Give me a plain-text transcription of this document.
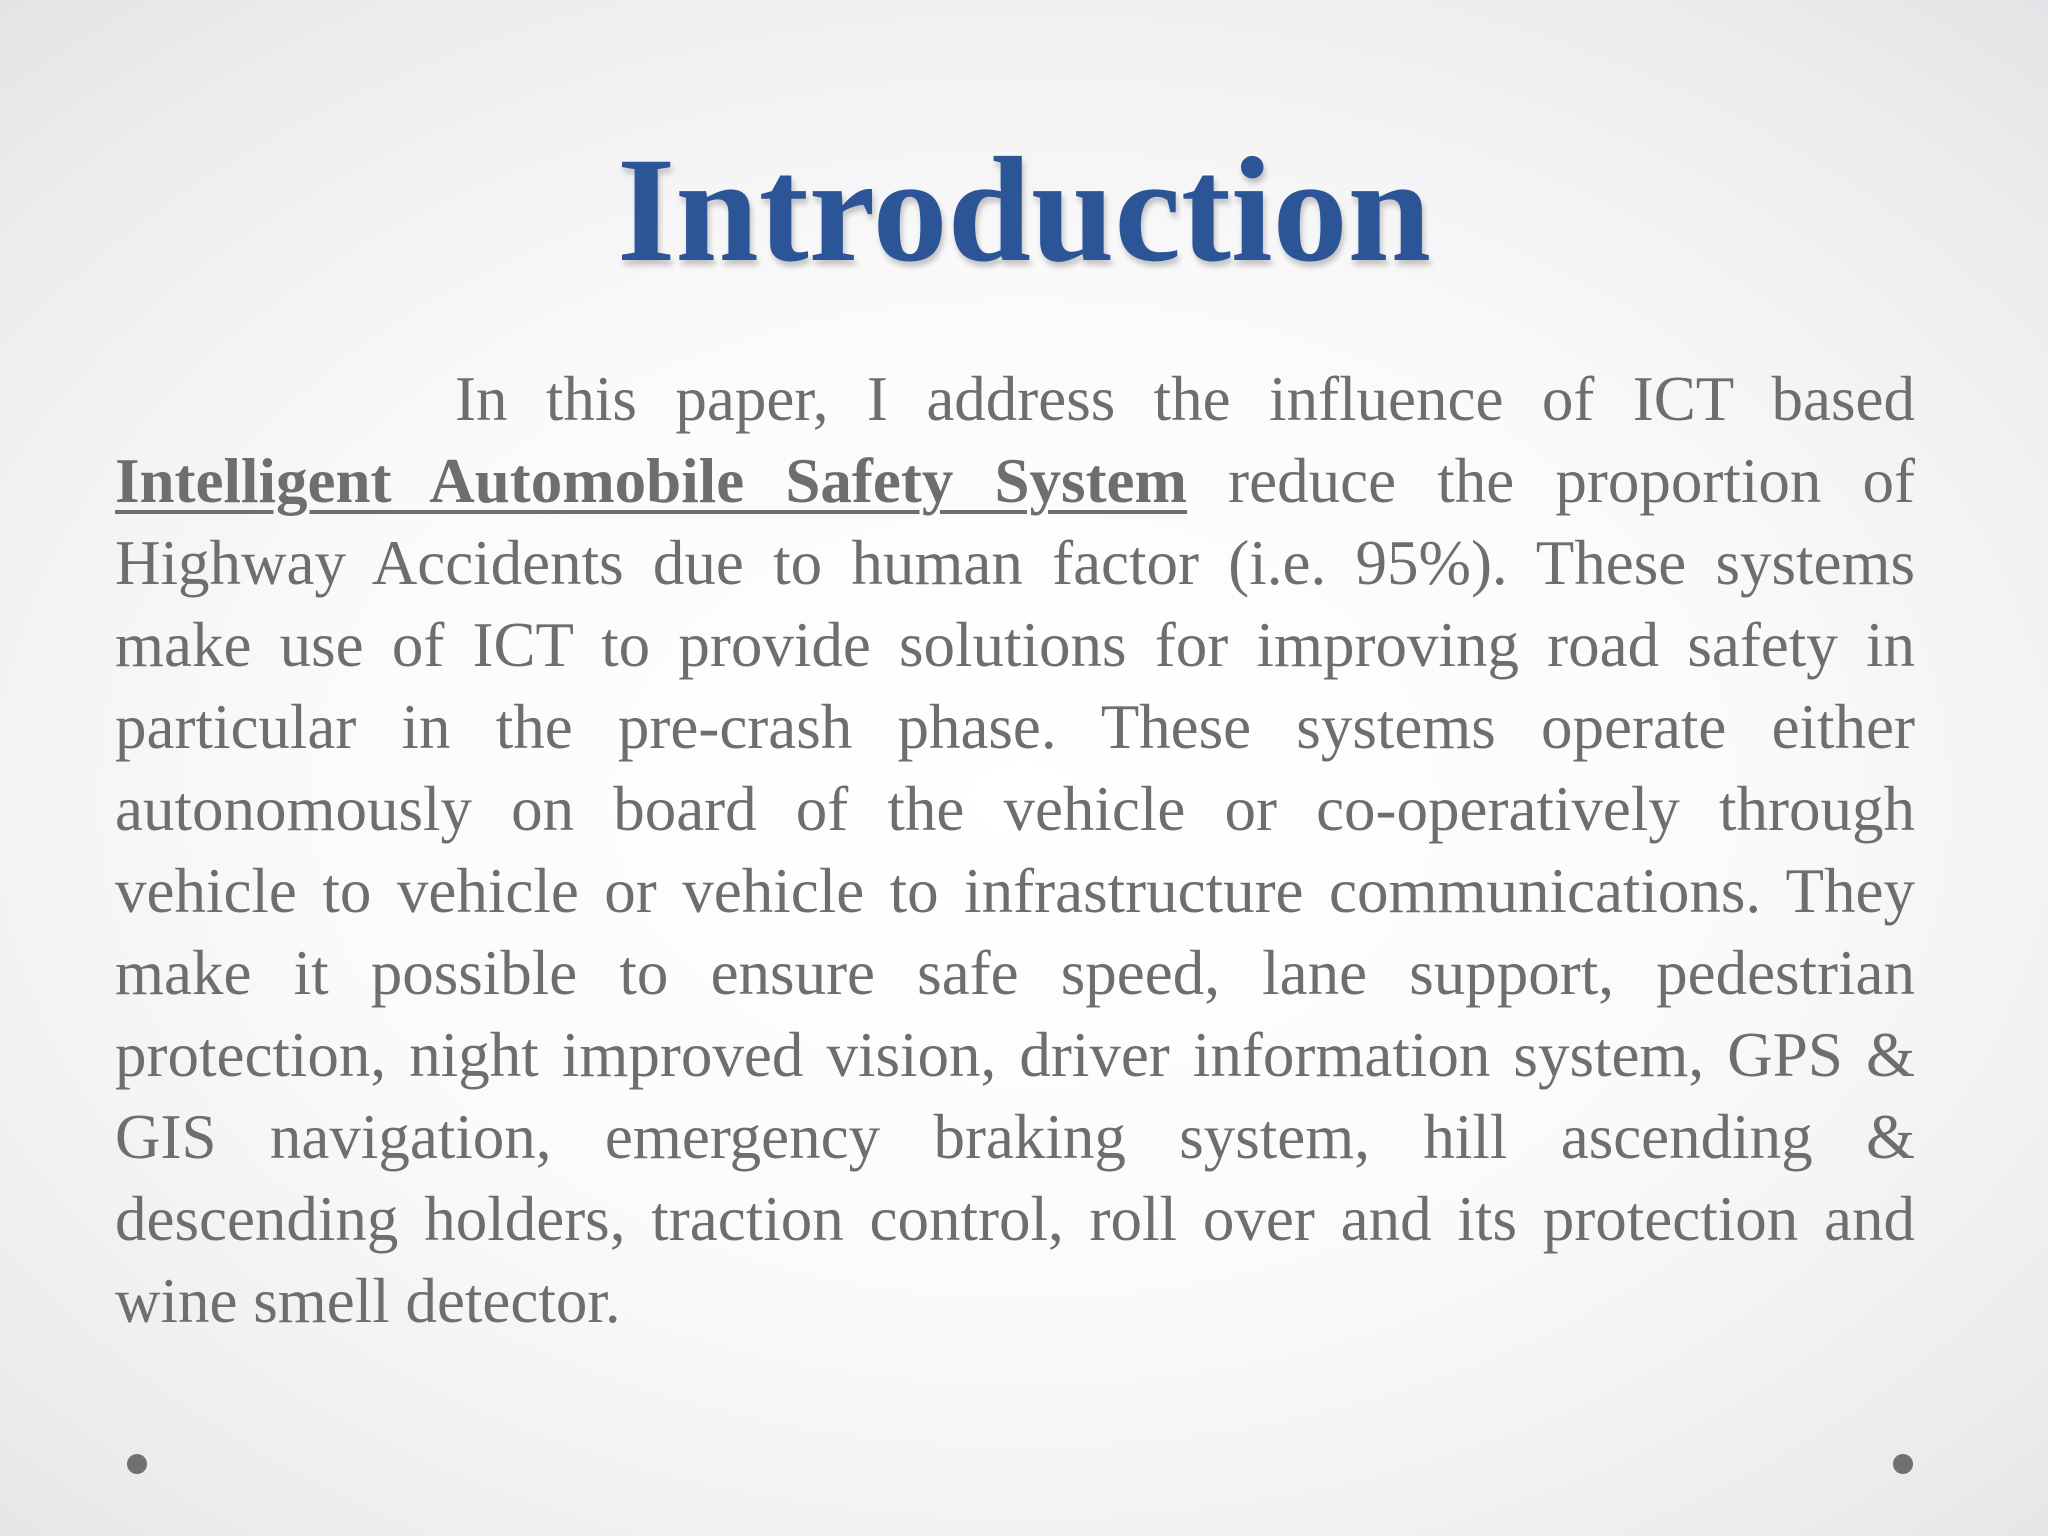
Introduction

In this paper, I address the influence of ICT based Intelligent Automobile Safety System reduce the proportion of Highway Accidents due to human factor (i.e. 95%). These systems make use of ICT to provide solutions for improving road safety in particular in the pre-crash phase. These systems operate either autonomously on board of the vehicle or co-operatively through vehicle to vehicle or vehicle to infrastructure communications. They make it possible to ensure safe speed, lane support, pedestrian protection, night improved vision, driver information system, GPS & GIS navigation, emergency braking system, hill ascending & descending holders, traction control, roll over and its protection and wine smell detector.
